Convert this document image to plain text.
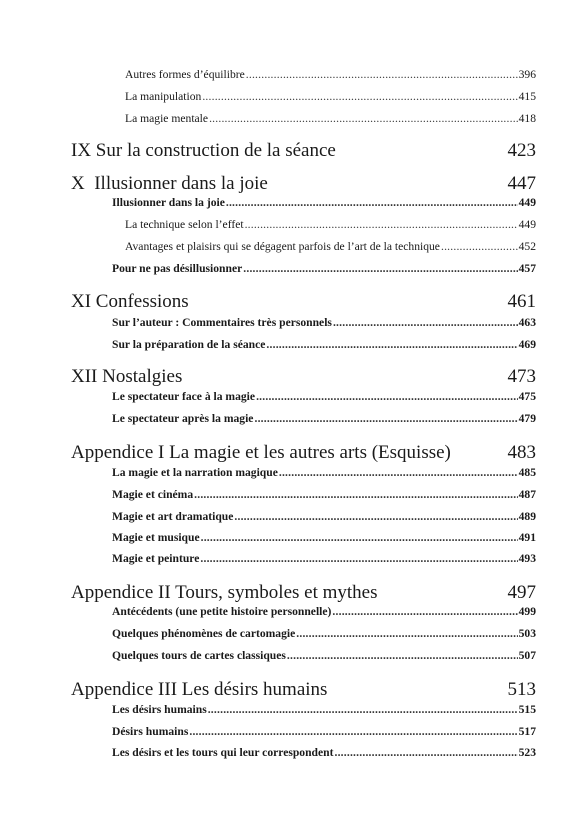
Autres formes d’équilibre .....	396
La manipulation .....	415
La magie mentale .....	418
IX Sur la construction de la séance	423
X  Illusionner dans la joie	447
Illusionner dans la joie .....	449
La technique selon l’effet .....	449
Avantages et plaisirs qui se dégagent parfois de l’art de la technique .....	452
Pour ne pas désillusionner .....	457
XI Confessions	461
Sur l’auteur : Commentaires très personnels .....	463
Sur la préparation de la séance .....	469
XII Nostalgies	473
Le spectateur face à la magie .....	475
Le spectateur après la magie .....	479
Appendice I La magie et les autres arts (Esquisse)	483
La magie et la narration magique .....	485
Magie et cinéma .....	487
Magie et art dramatique .....	489
Magie et musique .....	491
Magie et peinture .....	493
Appendice II Tours, symboles et mythes	497
Antécédents (une petite histoire personnelle) .....	499
Quelques phénomènes de cartomagie .....	503
Quelques tours de cartes classiques .....	507
Appendice III Les désirs humains	513
Les désirs humains .....	515
Désirs humains .....	517
Les désirs et les tours qui leur correspondent .....	523
